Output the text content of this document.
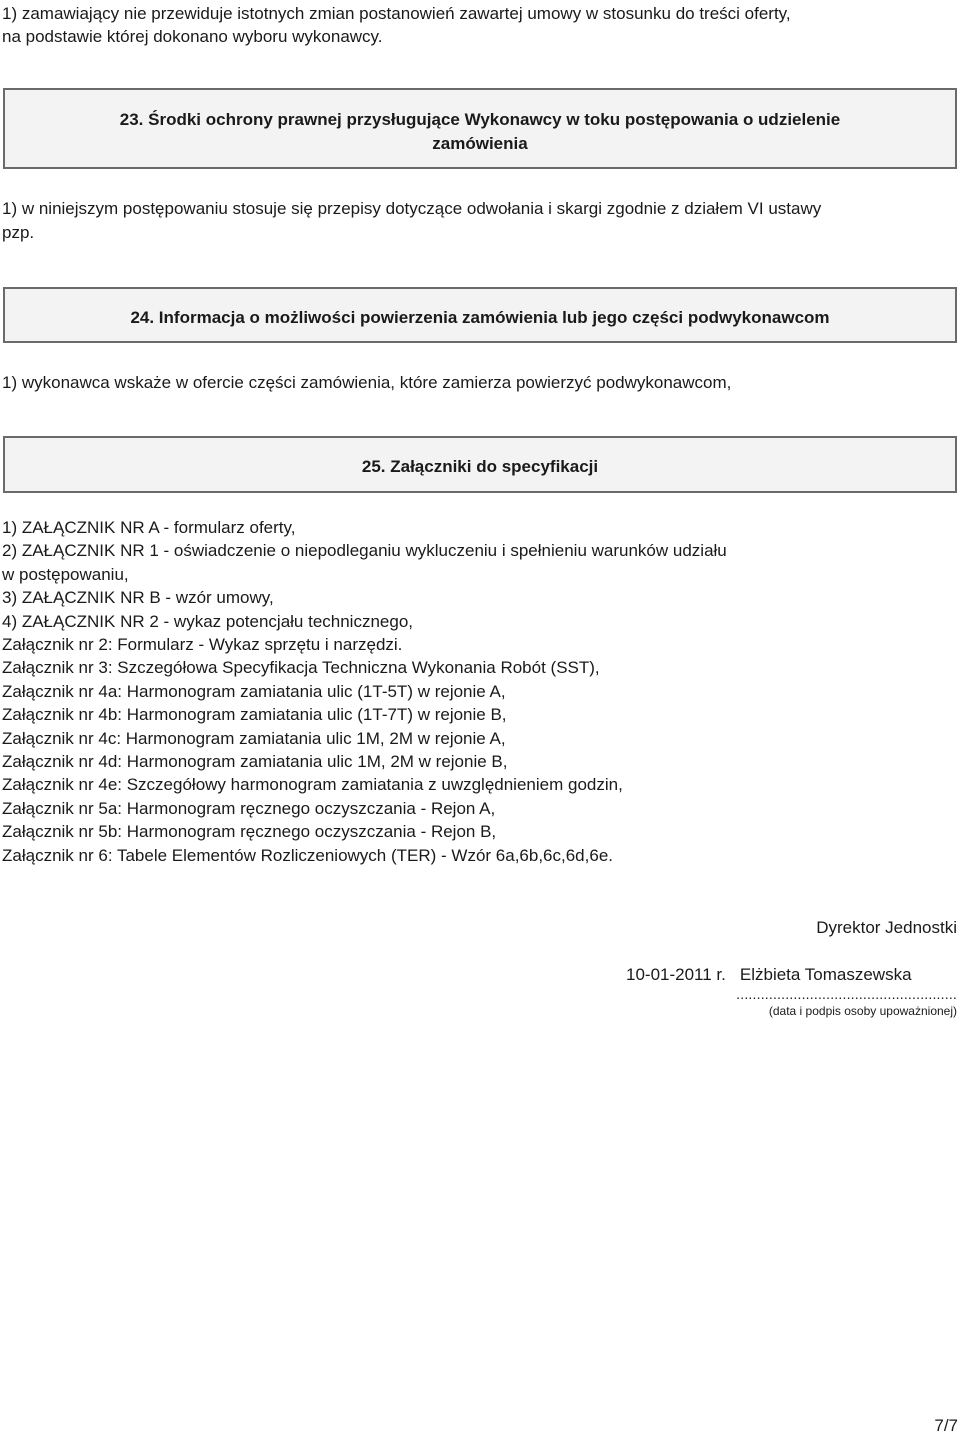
1) zamawiający nie przewiduje istotnych zmian postanowień zawartej umowy w stosunku do treści oferty,

na podstawie której dokonano wyboru wykonawcy.

23. Środki ochrony prawnej przysługujące Wykonawcy w toku postępowania o udzielenie
zamówienia

1) w niniejszym postępowaniu stosuje się przepisy dotyczące odwołania i skargi zgodnie z działem VI ustawy

pzp.

24. Informacja o możliwości powierzenia zamówienia lub jego części podwykonawcom

1) wykonawca wskaże w ofercie części zamówienia, które zamierza powierzyć podwykonawcom,

25. Załączniki do specyfikacji
1) ZAŁĄCZNIK NR A - formularz oferty,
2) ZAŁĄCZNIK NR 1 - oświadczenie o niepodleganiu wykluczeniu i spełnieniu warunków udziału
w postępowaniu,
3) ZAŁĄCZNIK NR B - wzór umowy,
4) ZAŁĄCZNIK NR 2 - wykaz potencjału technicznego,
Załącznik nr 2: Formularz - Wykaz sprzętu i narzędzi.
Załącznik nr 3: Szczegółowa Specyfikacja Techniczna Wykonania Robót (SST),
Załącznik nr 4a: Harmonogram zamiatania ulic (1T-5T) w rejonie A,
Załącznik nr 4b: Harmonogram zamiatania ulic (1T-7T) w rejonie B,
Załącznik nr 4c: Harmonogram zamiatania ulic 1M, 2M w rejonie A,
Załącznik nr 4d: Harmonogram zamiatania ulic 1M, 2M w rejonie B,
Załącznik nr 4e: Szczegółowy harmonogram zamiatania z uwzględnieniem godzin,
Załącznik nr 5a: Harmonogram ręcznego oczyszczania - Rejon A,
Załącznik nr 5b: Harmonogram ręcznego oczyszczania - Rejon B,
Załącznik nr 6: Tabele Elementów Rozliczeniowych (TER) - Wzór 6a,6b,6c,6d,6e.
Dyrektor Jednostki
10-01-2011 r. Elżbieta Tomaszewska
......................................................
(data i podpis osoby upoważnionej)
7/7
